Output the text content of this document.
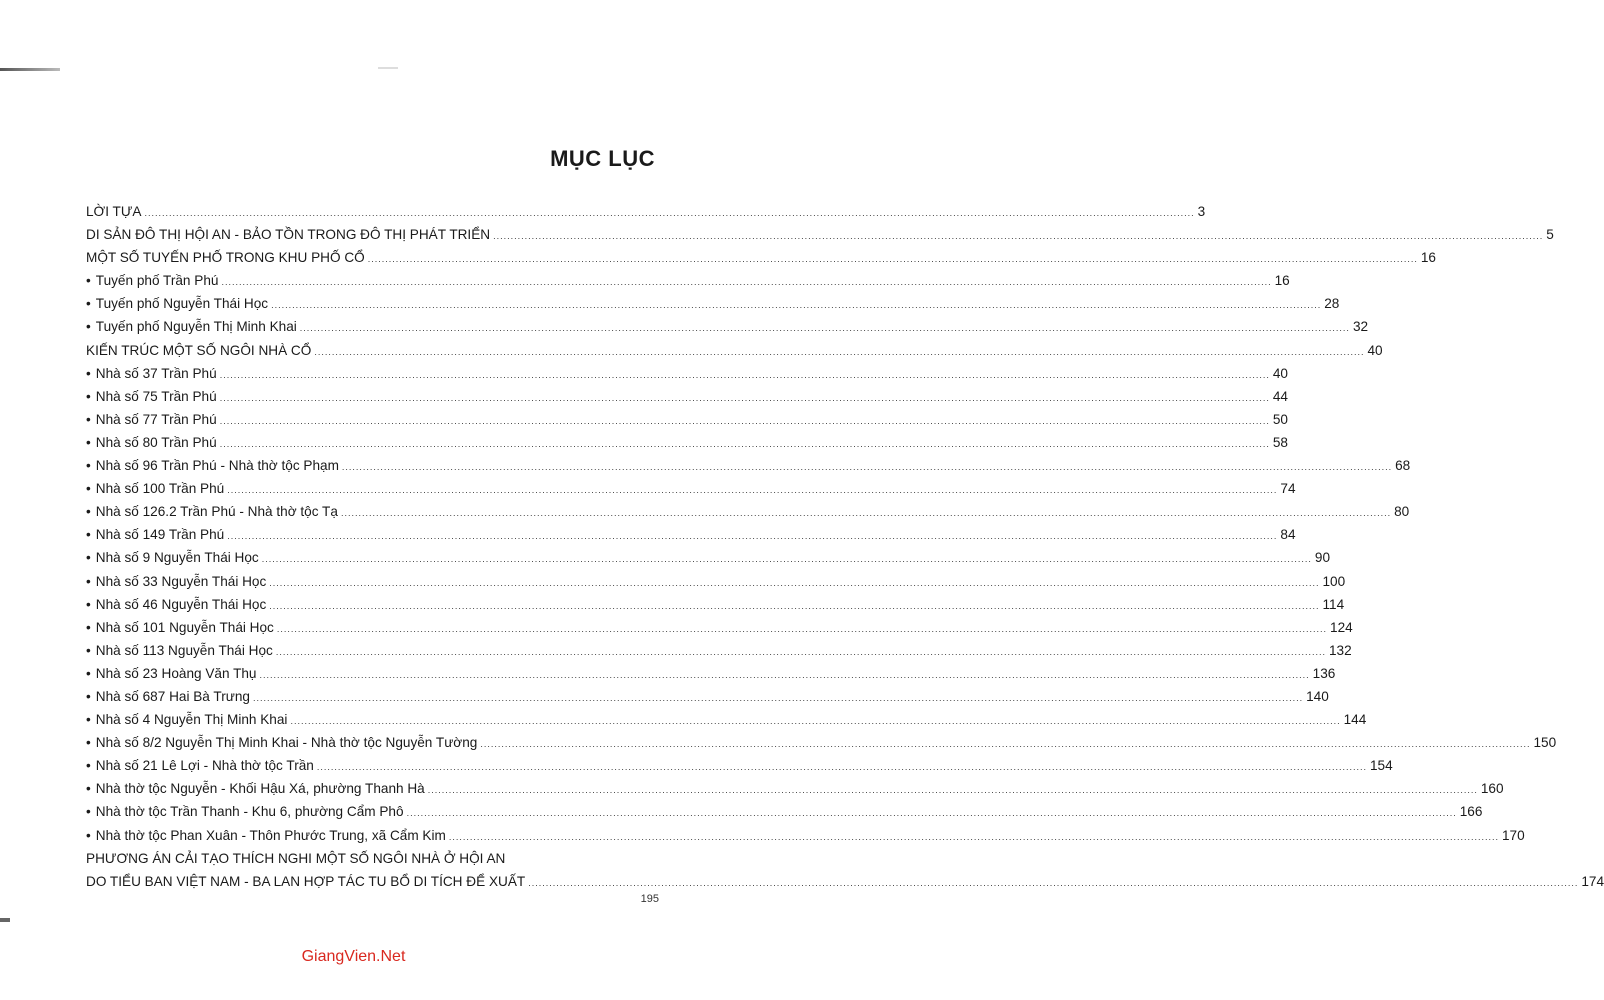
MỤC LỤC
LỜI TỰA ............................................................................................................................................................................................................................................................................................................ 3
DI SẢN ĐÔ THỊ HỘI AN - BẢO TỒN TRONG ĐÔ THỊ PHÁT TRIỂN ............................................................................................................................................................................................................................................................................................................ 5
MỘT SỐ TUYẾN PHỐ TRONG KHU PHỐ CỔ ............................................................................................................................................................................................................................................................................................................ 16
• Tuyến phố Trần Phú ............................................................................................................................................................................................................................................................................................................ 16
• Tuyến phố Nguyễn Thái Học ............................................................................................................................................................................................................................................................................................................ 28
• Tuyến phố Nguyễn Thị Minh Khai ............................................................................................................................................................................................................................................................................................................ 32
KIẾN TRÚC MỘT SỐ NGÔI NHÀ CỔ ............................................................................................................................................................................................................................................................................................................ 40
• Nhà số 37 Trần Phú ............................................................................................................................................................................................................................................................................................................ 40
• Nhà số 75 Trần Phú ............................................................................................................................................................................................................................................................................................................ 44
• Nhà số 77 Trần Phú ............................................................................................................................................................................................................................................................................................................ 50
• Nhà số 80 Trần Phú ............................................................................................................................................................................................................................................................................................................ 58
• Nhà số 96 Trần Phú - Nhà thờ tộc Phạm ............................................................................................................................................................................................................................................................................................................ 68
• Nhà số 100 Trần Phú ............................................................................................................................................................................................................................................................................................................ 74
• Nhà số 126.2 Trần Phú - Nhà thờ tộc Tạ ............................................................................................................................................................................................................................................................................................................ 80
• Nhà số 149 Trần Phú ............................................................................................................................................................................................................................................................................................................ 84
• Nhà số 9 Nguyễn Thái Học ............................................................................................................................................................................................................................................................................................................ 90
• Nhà số 33 Nguyễn Thái Học ............................................................................................................................................................................................................................................................................................................ 100
• Nhà số 46 Nguyễn Thái Học ............................................................................................................................................................................................................................................................................................................ 114
• Nhà số 101 Nguyễn Thái Học ............................................................................................................................................................................................................................................................................................................ 124
• Nhà số 113 Nguyễn Thái Học ............................................................................................................................................................................................................................................................................................................ 132
• Nhà số 23 Hoàng Văn Thụ ............................................................................................................................................................................................................................................................................................................ 136
• Nhà số 687 Hai Bà Trưng ............................................................................................................................................................................................................................................................................................................ 140
• Nhà số 4 Nguyễn Thị Minh Khai ............................................................................................................................................................................................................................................................................................................ 144
• Nhà số 8/2 Nguyễn Thị Minh Khai - Nhà thờ tộc Nguyễn Tường ............................................................................................................................................................................................................................................................................................................ 150
• Nhà số 21 Lê Lợi - Nhà thờ tộc Trần ............................................................................................................................................................................................................................................................................................................ 154
• Nhà thờ tộc Nguyễn - Khối Hậu Xá, phường Thanh Hà ............................................................................................................................................................................................................................................................................................................ 160
• Nhà thờ tộc Trần Thanh - Khu 6, phường Cẩm Phô ............................................................................................................................................................................................................................................................................................................ 166
• Nhà thờ tộc Phan Xuân - Thôn Phước Trung, xã Cẩm Kim ............................................................................................................................................................................................................................................................................................................ 170
PHƯƠNG ÁN CẢI TẠO THÍCH NGHI MỘT SỐ NGÔI NHÀ Ở HỘI AN
DO TIỂU BAN VIỆT NAM - BA LAN HỢP TÁC TU BỔ DI TÍCH ĐỂ XUẤT ............................................................................................................................................................................................................................................................................................................ 174
195
GiangVien.Net
